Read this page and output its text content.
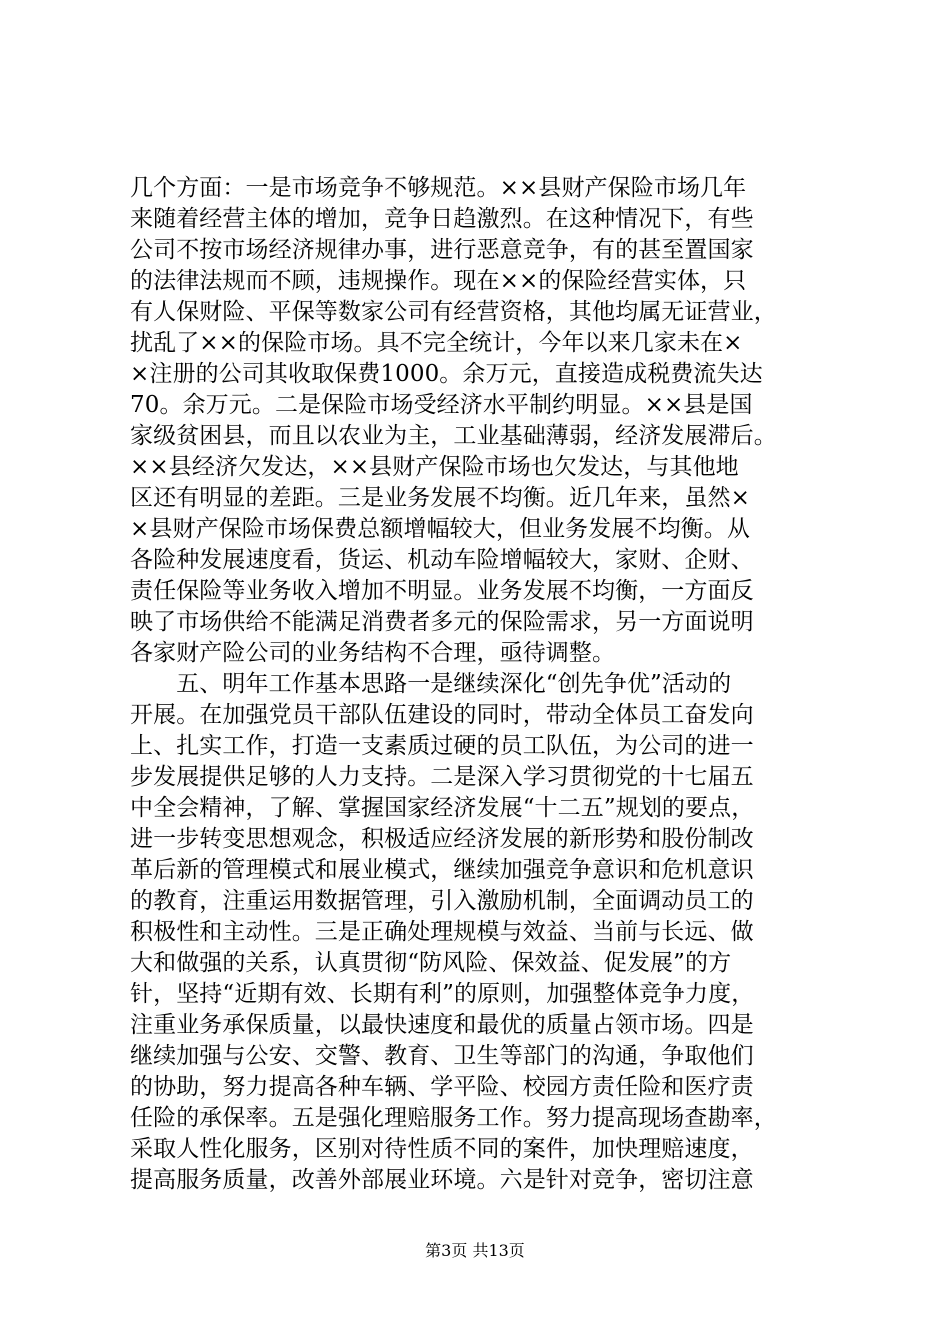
几个方面：一是市场竞争不够规范。××县财产保险市场几年
来随着经营主体的增加，竞争日趋激烈。在这种情况下，有些
公司不按市场经济规律办事，进行恶意竞争，有的甚至置国家
的法律法规而不顾，违规操作。现在××的保险经营实体，只
有人保财险、平保等数家公司有经营资格，其他均属无证营业，
扰乱了××的保险市场。具不完全统计，今年以来几家未在×
×注册的公司其收取保费1000。余万元，直接造成税费流失达
70。余万元。二是保险市场受经济水平制约明显。××县是国
家级贫困县，而且以农业为主，工业基础薄弱，经济发展滞后。
××县经济欠发达，××县财产保险市场也欠发达，与其他地
区还有明显的差距。三是业务发展不均衡。近几年来，虽然×
×县财产保险市场保费总额增幅较大，但业务发展不均衡。从
各险种发展速度看，货运、机动车险增幅较大，家财、企财、
责任保险等业务收入增加不明显。业务发展不均衡，一方面反
映了市场供给不能满足消费者多元的保险需求，另一方面说明
各家财产险公司的业务结构不合理，亟待调整。
　　五、明年工作基本思路一是继续深化“创先争优”活动的
开展。在加强党员干部队伍建设的同时，带动全体员工奋发向
上、扎实工作，打造一支素质过硬的员工队伍，为公司的进一
步发展提供足够的人力支持。二是深入学习贯彻党的十七届五
中全会精神，了解、掌握国家经济发展“十二五”规划的要点，
进一步转变思想观念，积极适应经济发展的新形势和股份制改
革后新的管理模式和展业模式，继续加强竞争意识和危机意识
的教育，注重运用数据管理，引入激励机制，全面调动员工的
积极性和主动性。三是正确处理规模与效益、当前与长远、做
大和做强的关系，认真贯彻“防风险、保效益、促发展”的方
针，坚持“近期有效、长期有利”的原则，加强整体竞争力度，
注重业务承保质量，以最快速度和最优的质量占领市场。四是
继续加强与公安、交警、教育、卫生等部门的沟通，争取他们
的协助，努力提高各种车辆、学平险、校园方责任险和医疗责
任险的承保率。五是强化理赔服务工作。努力提高现场查勘率，
采取人性化服务，区别对待性质不同的案件，加快理赔速度，
提高服务质量，改善外部展业环境。六是针对竞争，密切注意
第3页 共13页
